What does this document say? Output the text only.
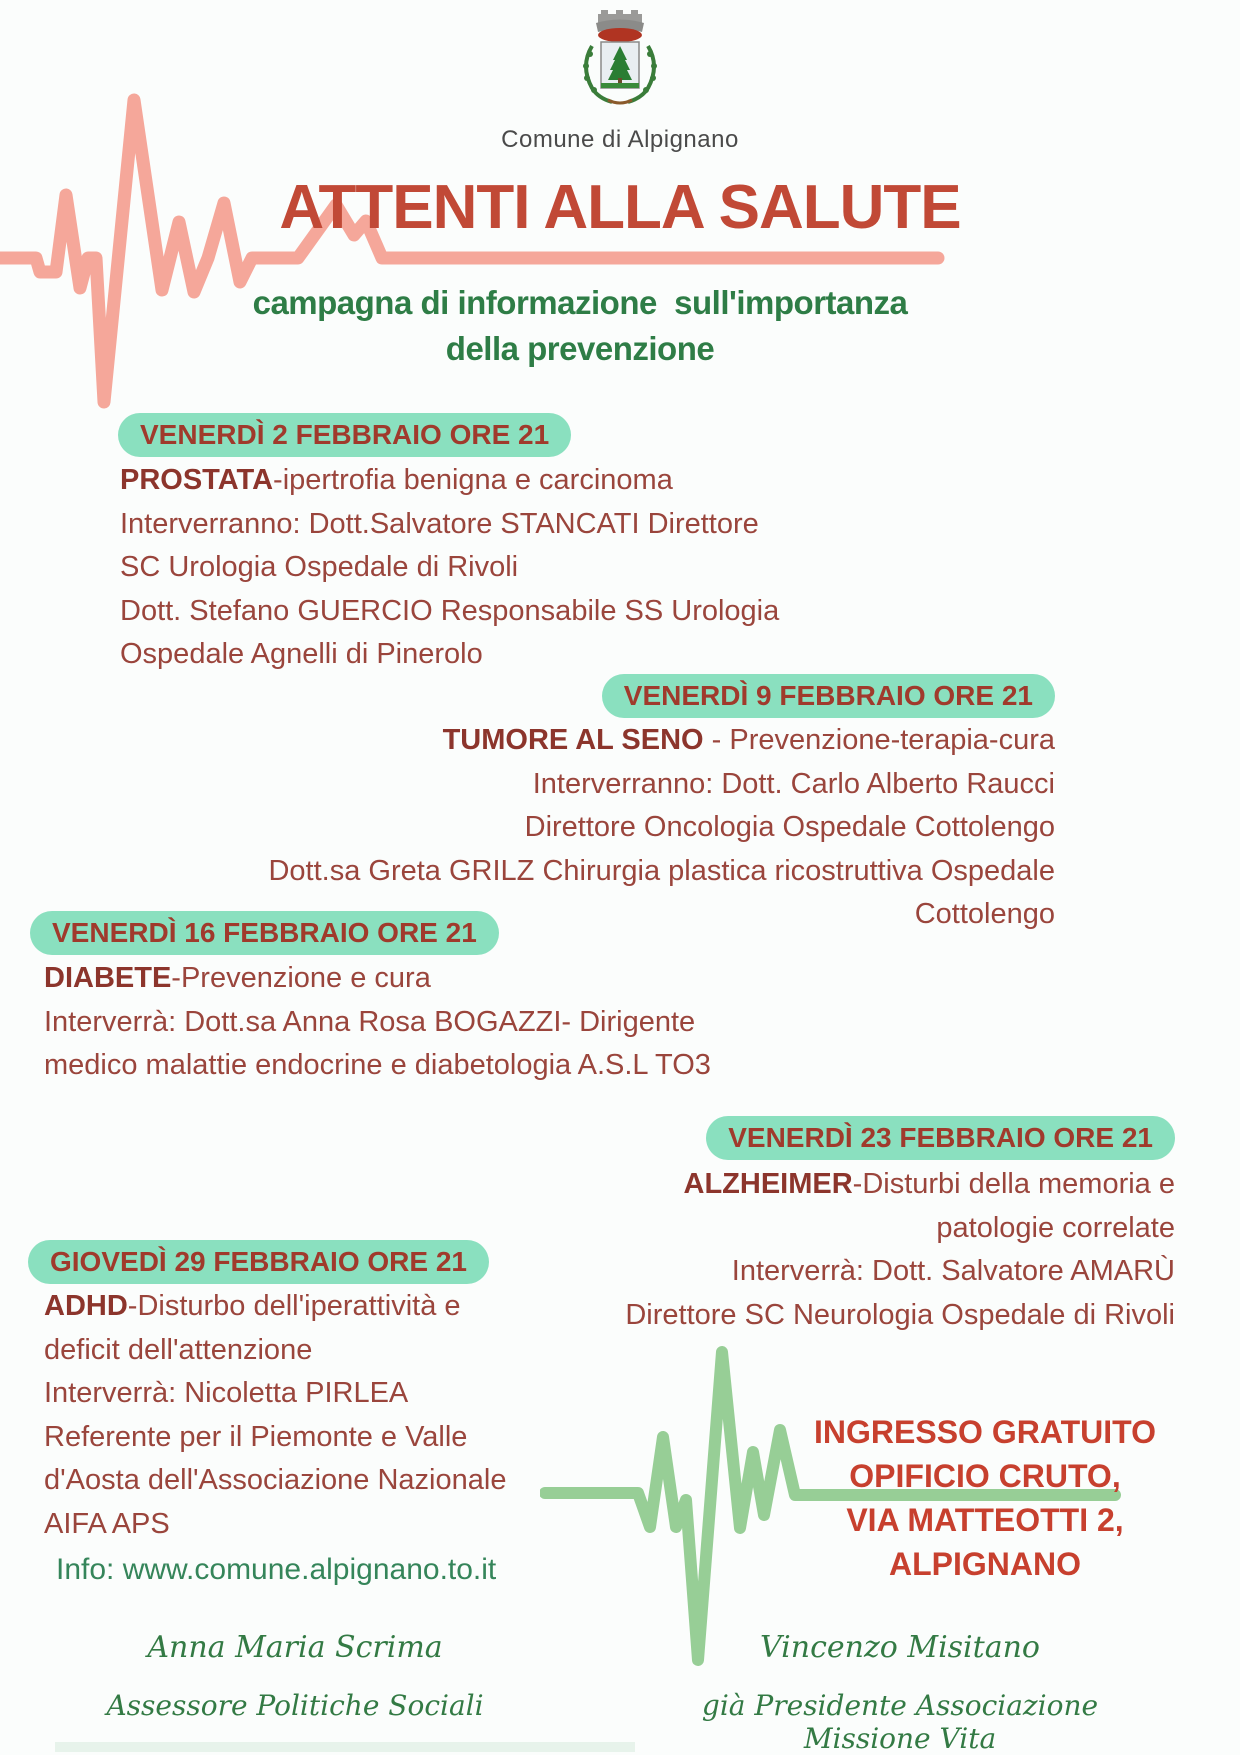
Comune di Alpignano
ATTENTI ALLA SALUTE
campagna di informazione  sull'importanza
della prevenzione
VENERDÌ 2 FEBBRAIO ORE 21
PROSTATA-ipertrofia benigna e carcinoma
Interverranno: Dott.Salvatore STANCATI Direttore
SC Urologia Ospedale di Rivoli
Dott. Stefano GUERCIO Responsabile SS Urologia
Ospedale Agnelli di Pinerolo
VENERDÌ 9 FEBBRAIO ORE 21
TUMORE AL SENO - Prevenzione-terapia-cura
Interverranno: Dott. Carlo Alberto Raucci
Direttore Oncologia Ospedale Cottolengo
Dott.sa Greta GRILZ Chirurgia plastica ricostruttiva Ospedale
Cottolengo
VENERDÌ 16 FEBBRAIO ORE 21
DIABETE-Prevenzione e cura
Interverrà: Dott.sa Anna Rosa BOGAZZI- Dirigente
medico malattie endocrine e diabetologia A.S.L TO3
VENERDÌ 23 FEBBRAIO ORE 21
ALZHEIMER-Disturbi della memoria e
patologie correlate
Interverrà: Dott. Salvatore AMARÙ
Direttore SC Neurologia Ospedale di Rivoli
GIOVEDÌ 29 FEBBRAIO ORE 21
ADHD-Disturbo dell'iperattività e
deficit dell'attenzione
Interverrà: Nicoletta PIRLEA
Referente per il Piemonte e Valle
d'Aosta dell'Associazione Nazionale
AIFA APS
Info: www.comune.alpignano.to.it
INGRESSO GRATUITO
OPIFICIO CRUTO,
VIA MATTEOTTI 2,
ALPIGNANO
Anna Maria Scrima
Assessore Politiche Sociali
Vincenzo Misitano
già Presidente Associazione Missione Vita
